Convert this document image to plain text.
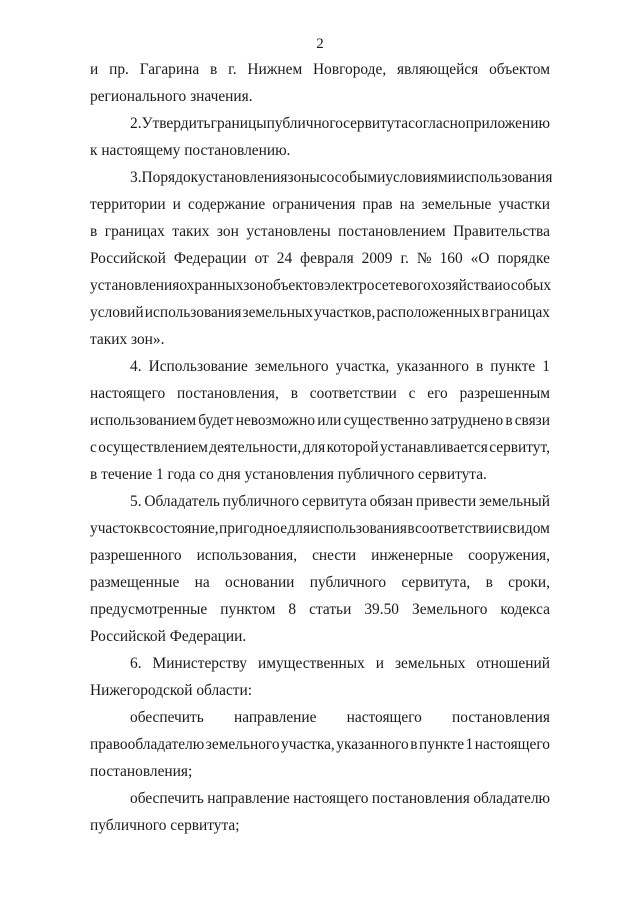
2
и пр. Гагарина в г. Нижнем Новгороде, являющейся объектом
регионального значения.
2. Утвердить границы публичного сервитута согласно приложению
к настоящему постановлению.
3. Порядок установления зоны с особыми условиями использования
территории и содержание ограничения прав на земельные участки
в границах таких зон установлены постановлением Правительства
Российской Федерации от 24 февраля 2009 г. № 160 «О порядке
установления охранных зон объектов электросетевого хозяйства и особых
условий использования земельных участков, расположенных в границах
таких зон».
4. Использование земельного участка, указанного в пункте 1
настоящего постановления, в соответствии с его разрешенным
использованием будет невозможно или существенно затруднено в связи
с осуществлением деятельности, для которой устанавливается сервитут,
в течение 1 года со дня установления публичного сервитута.
5. Обладатель публичного сервитута обязан привести земельный
участок в состояние, пригодное для использования в соответствии с видом
разрешенного использования, снести инженерные сооружения,
размещенные на основании публичного сервитута, в сроки,
предусмотренные пунктом 8 статьи 39.50 Земельного кодекса
Российской Федерации.
6. Министерству имущественных и земельных отношений
Нижегородской области:
обеспечить направление настоящего постановления
правообладателю земельного участка, указанного в пункте 1 настоящего
постановления;
обеспечить направление настоящего постановления обладателю
публичного сервитута;
